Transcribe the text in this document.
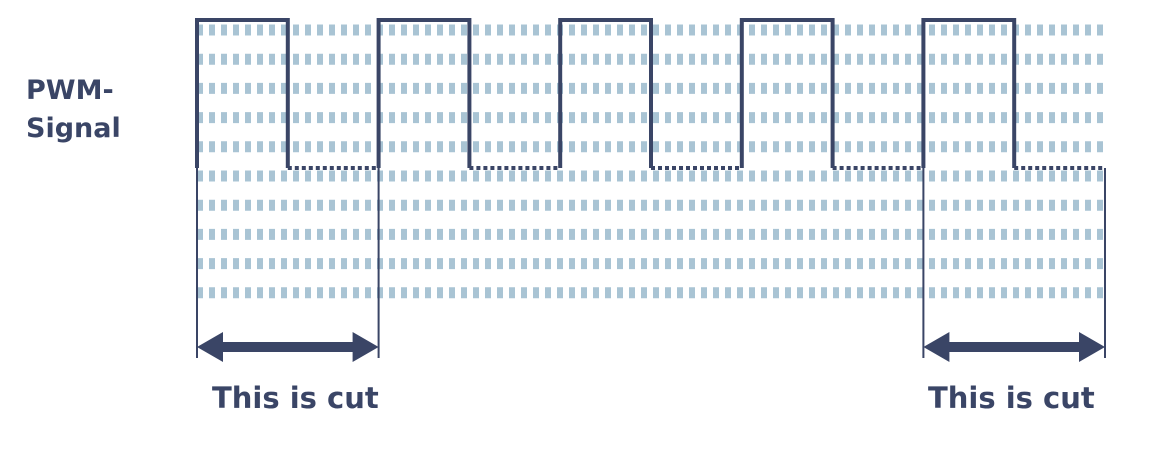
PWM-
Signal
This is cut	This is cut
